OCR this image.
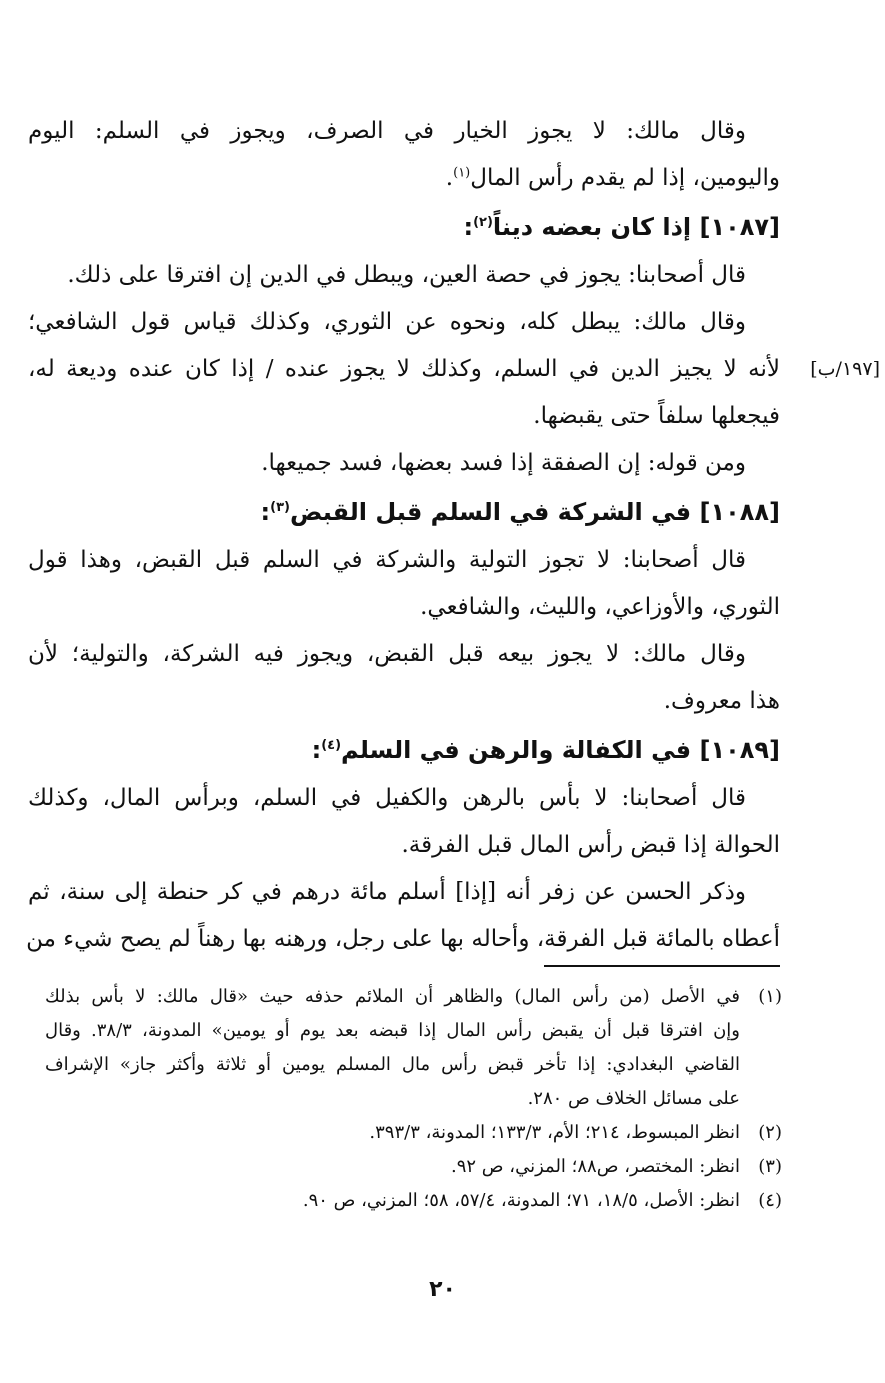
وقال مالك: لا يجوز الخيار في الصرف، ويجوز في السلم: اليوم
واليومين، إذا لم يقدم رأس المال$^{(١)}$.
[١٠٨٧] إذا كان بعضه ديناً$^{(٢)}$:
قال أصحابنا: يجوز في حصة العين، ويبطل في الدين إن افترقا على ذلك.
وقال مالك: يبطل كله، ونحوه عن الثوري، وكذلك قياس قول الشافعي؛
لأنه لا يجيز الدين في السلم، وكذلك لا يجوز عنده / إذا كان عنده وديعة له، [١٩٧/ب]
فيجعلها سلفاً حتى يقبضها.
ومن قوله: إن الصفقة إذا فسد بعضها، فسد جميعها.
[١٠٨٨] في الشركة في السلم قبل القبض$^{(٣)}$:
قال أصحابنا: لا تجوز التولية والشركة في السلم قبل القبض، وهذا قول
الثوري، والأوزاعي، والليث، والشافعي.
وقال مالك: لا يجوز بيعه قبل القبض، ويجوز فيه الشركة، والتولية؛ لأن
هذا معروف.
[١٠٨٩] في الكفالة والرهن في السلم$^{(٤)}$:
قال أصحابنا: لا بأس بالرهن والكفيل في السلم، وبرأس المال، وكذلك
الحوالة إذا قبض رأس المال قبل الفرقة.
وذكر الحسن عن زفر أنه [إذا] أسلم مائة درهم في كر حنطة إلى سنة، ثم
أعطاه بالمائة قبل الفرقة، وأحاله بها على رجل، ورهنه بها رهناً لم يصح شيء من
(١)في الأصل (من رأس المال) والظاهر أن الملائم حذفه حيث «قال مالك: لا بأس بذلك
وإن افترقا قبل أن يقبض رأس المال إذا قبضه بعد يوم أو يومين» المدونة، ٣٨/٣. وقال
القاضي البغدادي: إذا تأخر قبض رأس مال المسلم يومين أو ثلاثة وأكثر جاز» الإشراف
على مسائل الخلاف ص ٢٨٠.
(٢)انظر المبسوط، ٢١٤؛ الأم، ١٣٣/٣؛ المدونة، ٣٩٣/٣.
(٣)انظر: المختصر، ص٨٨؛ المزني، ص ٩٢.
(٤)انظر: الأصل، ١٨/٥، ٧١؛ المدونة، ٥٧/٤، ٥٨؛ المزني، ص ٩٠.
٢٠
